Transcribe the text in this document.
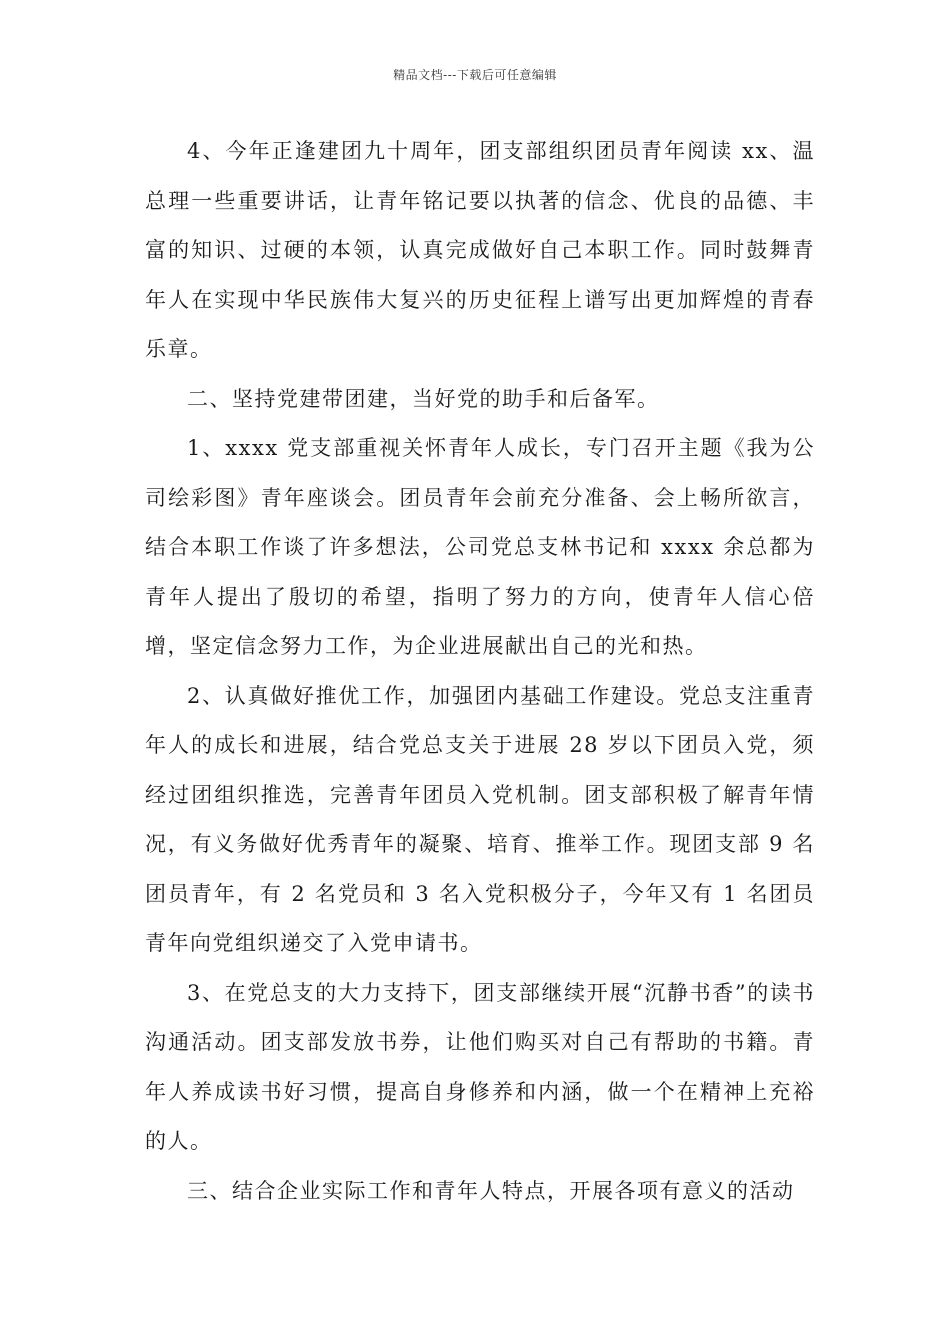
精品文档---下载后可任意编辑

4、今年正逢建团九十周年，团支部组织团员青年阅读 xx、温总理一些重要讲话，让青年铭记要以执著的信念、优良的品德、丰富的知识、过硬的本领，认真完成做好自己本职工作。同时鼓舞青年人在实现中华民族伟大复兴的历史征程上谱写出更加辉煌的青春乐章。

二、坚持党建带团建，当好党的助手和后备军。

1、xxxx 党支部重视关怀青年人成长，专门召开主题《我为公司绘彩图》青年座谈会。团员青年会前充分准备、会上畅所欲言，结合本职工作谈了许多想法，公司党总支林书记和 xxxx 余总都为青年人提出了殷切的希望，指明了努力的方向，使青年人信心倍增，坚定信念努力工作，为企业进展献出自己的光和热。

2、认真做好推优工作，加强团内基础工作建设。党总支注重青年人的成长和进展，结合党总支关于进展 28 岁以下团员入党，须经过团组织推选，完善青年团员入党机制。团支部积极了解青年情况，有义务做好优秀青年的凝聚、培育、推举工作。现团支部 9 名团员青年，有 2 名党员和 3 名入党积极分子，今年又有 1 名团员青年向党组织递交了入党申请书。

3、在党总支的大力支持下，团支部继续开展“沉静书香”的读书沟通活动。团支部发放书券，让他们购买对自己有帮助的书籍。青年人养成读书好习惯，提高自身修养和内涵，做一个在精神上充裕的人。

三、结合企业实际工作和青年人特点，开展各项有意义的活动
